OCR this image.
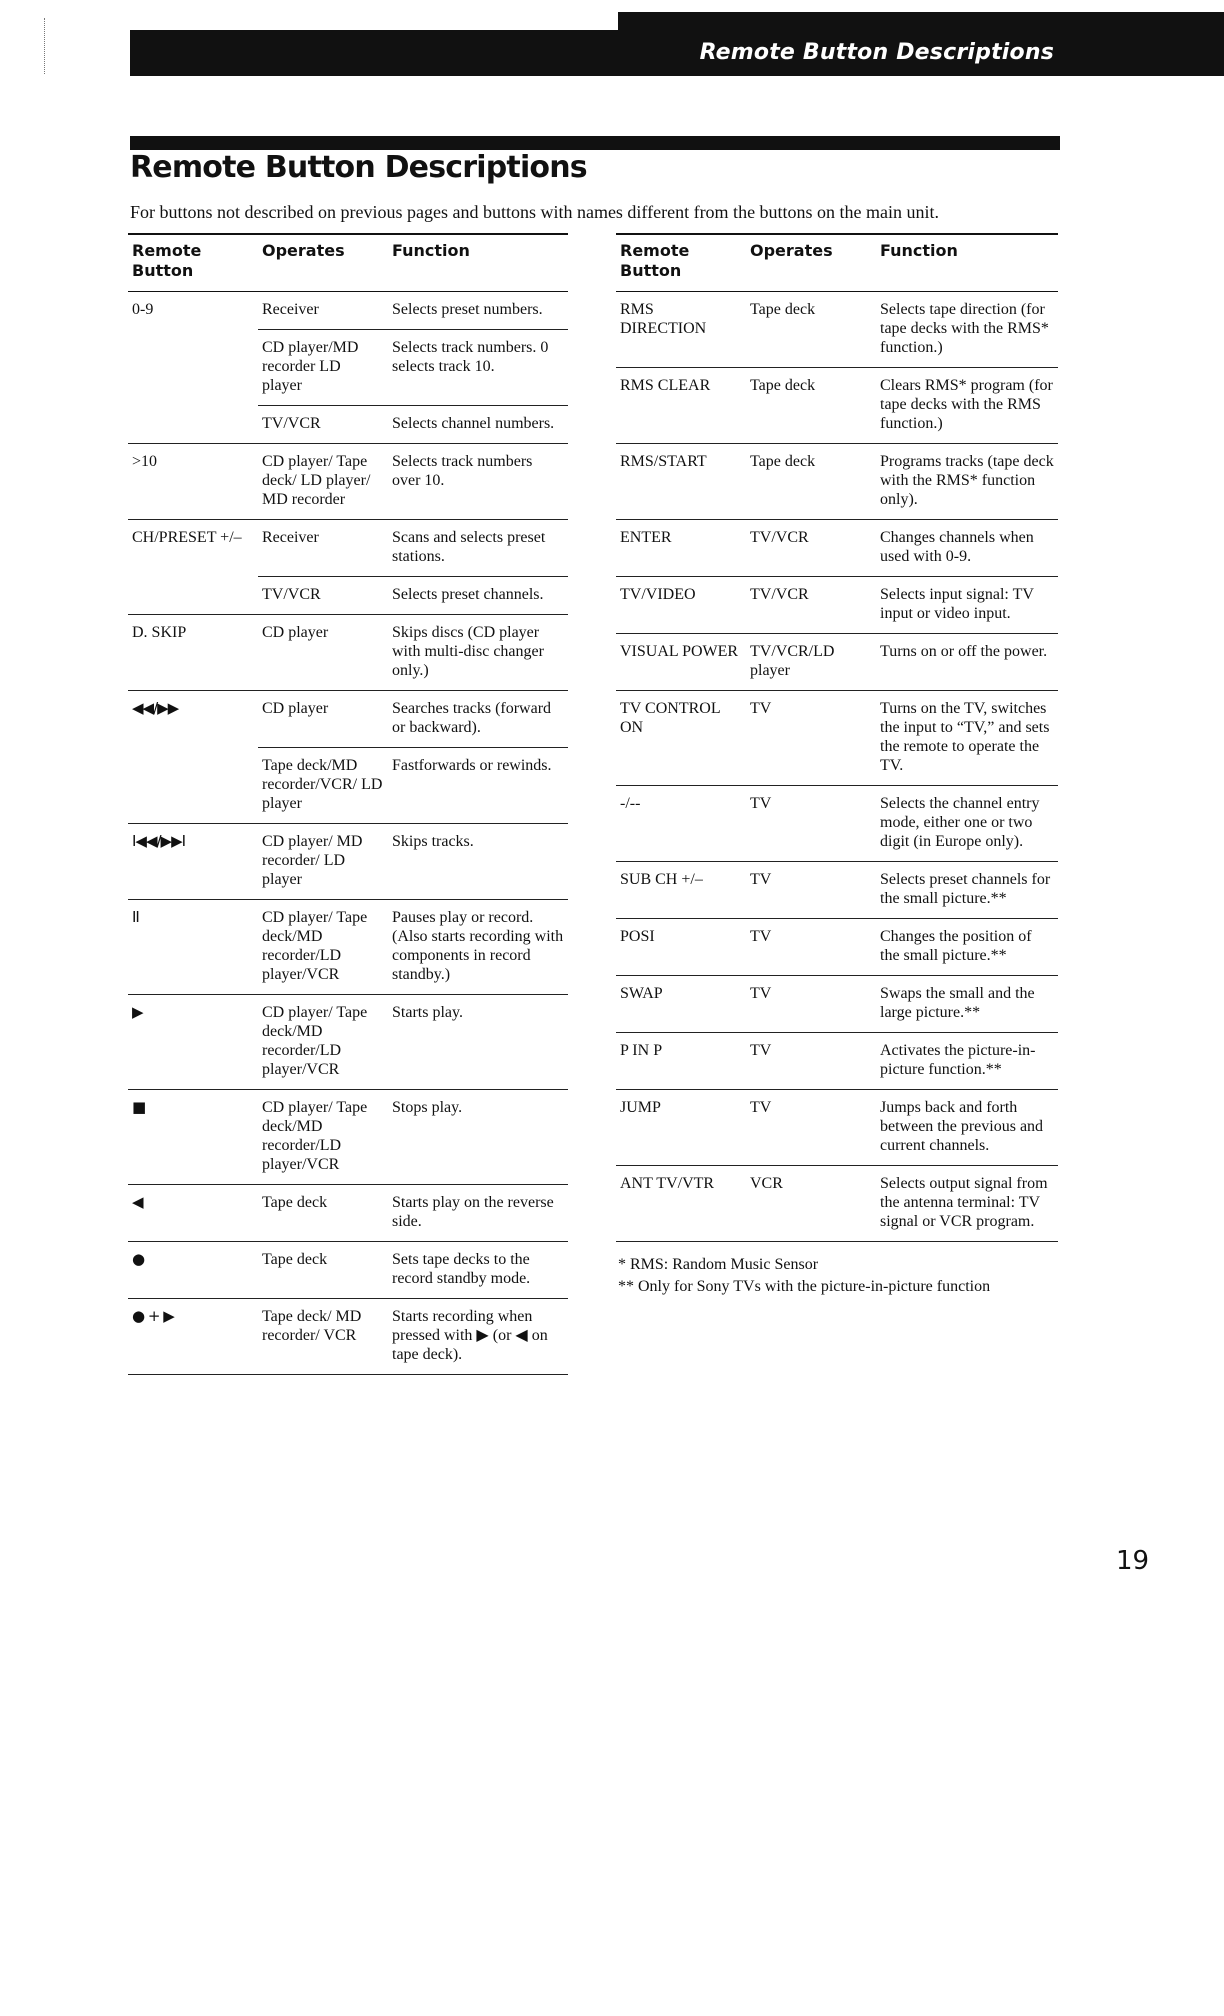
Remote Button Descriptions
Remote Button Descriptions

For buttons not described on previous pages and buttons with names different from the buttons on the main unit.

Remote Button	Operates	Function
0-9	Receiver	Selects preset numbers.
	CD player/MD recorder LD player	Selects track numbers. 0 selects track 10.
	TV/VCR	Selects channel numbers.
>10	CD player/ Tape deck/ LD player/ MD recorder	Selects track numbers over 10.
CH/PRESET +/–	Receiver	Scans and selects preset stations.
	TV/VCR	Selects preset channels.
D. SKIP	CD player	Skips discs (CD player with multi-disc changer only.)
◀◀/▶▶	CD player	Searches tracks (forward or backward).
	Tape deck/MD recorder/VCR/ LD player	Fastforwards or rewinds.
I◀◀/▶▶I	CD player/ MD recorder/ LD player	Skips tracks.
II	CD player/ Tape deck/MD recorder/LD player/VCR	Pauses play or record. (Also starts recording with components in record standby.)
▶	CD player/ Tape deck/MD recorder/LD player/VCR	Starts play.
■	CD player/ Tape deck/MD recorder/LD player/VCR	Stops play.
◀	Tape deck	Starts play on the reverse side.
●	Tape deck	Sets tape decks to the record standby mode.
● + ▶	Tape deck/ MD recorder/ VCR	Starts recording when pressed with ▶ (or ◀ on tape deck).
Remote Button	Operates	Function
RMS DIRECTION	Tape deck	Selects tape direction (for tape decks with the RMS* function.)
RMS CLEAR	Tape deck	Clears RMS* program (for tape decks with the RMS function.)
RMS/START	Tape deck	Programs tracks (tape deck with the RMS* function only).
ENTER	TV/VCR	Changes channels when used with 0-9.
TV/VIDEO	TV/VCR	Selects input signal: TV input or video input.
VISUAL POWER	TV/VCR/LD player	Turns on or off the power.
TV CONTROL ON	TV	Turns on the TV, switches the input to “TV,” and sets the remote to operate the TV.
-/--	TV	Selects the channel entry mode, either one or two digit (in Europe only).
SUB CH +/–	TV	Selects preset channels for the small picture.**
POSI	TV	Changes the position of the small picture.**
SWAP	TV	Swaps the small and the large picture.**
P IN P	TV	Activates the picture-in-picture function.**
JUMP	TV	Jumps back and forth between the previous and current channels.
ANT TV/VTR	VCR	Selects output signal from the antenna terminal: TV signal or VCR program.
* RMS: Random Music Sensor
** Only for Sony TVs with the picture-in-picture function

19
